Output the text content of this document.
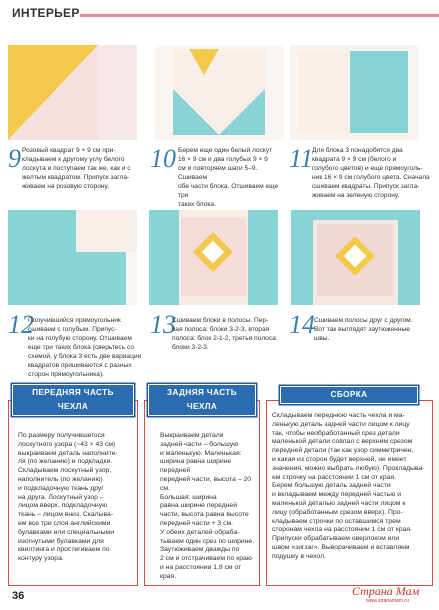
ИНТЕРЬЕР
9 Розовый квадрат 9 × 9 см при-
кладываем к другому углу белого
лоскута и поступаем так же, как и с
желтым квадратом. Припуск загла-
живаем на розовую сторону.
10 Берем еще один белый лоскут
16 × 9 см и два голубых 9 × 9
см и повторяем шаги 5–9. Сшиваем
обе части блока. Отшиваем еще три
таких блока.
11
Для блока 3 понадобятся два
квадрата 9 × 9 см (белого и
голубого цветов) и еще прямоуголь-
ник 16 × 9 см голубого цвета. Сначала
сшиваем квадраты. Припуск загла-
живаем на зеленую сторону.
12
Получившийся прямоугольник
сшиваем с голубым. Припус-
ки на голубую сторону. Отшиваем
еще три таких блока (сверьтесь со
схемой, у блока 3 есть две вариации
квадратов пришиваются с разных
сторон прямоугольника).
13
Сшиваем блоки в полосы. Пер-
вая полоса: блоки 3-2-3, вторая
полоса: блок 2-1-2, третья полоса:
блоки 3-2-3.
14 Сшиваем полосы друг с другом.
Вот так выглядят заутюженные
швы.
ПЕРЕДНЯЯ ЧАСТЬ
ЧЕХЛА
По размеру получившегося
лоскутного узора (~43 × 43 см)
выкраиваем деталь наполните-
ля (по желанию) и подкладки.
Складываем лоскутный узор,
наполнитель (по желанию)
и подкладочную ткань друг
на друга. Лоскутный узор –
лицом вверх, подкладочную
ткань – лицом вниз. Скалыва-
ем все три слоя английскими
булавками или специальными
изогнутыми булавками для
квилтинга и простегиваем по
контуру узора.
ЗАДНЯЯ ЧАСТЬ
ЧЕХЛА
Выкраиваем детали
задней части – большую
и маленькую. Маленькая:
ширина равна ширине передней
передней части, высота – 20 см.
Большая: ширина
равна ширине передней
части, высота равна высоте
передней части + 3 см.
У обеих деталей обраба-
тываем один срез по ширине.
Заутюживаем дважды по
2 см и отстрачиваем по краю
и на расстоянии 1,8 см от
края.
СБОРКА
Складываем переднюю часть чехла и ма-
ленькую деталь задней части лицом к лицу
так, чтобы необработанный срез детали
маленькой детали совпал с верхним срезом
передней детали (так как узор симметричен,
и какая из сторон будет верхней, не имеет
значения, можно выбрать любую). Прокладыва-
ем строчку на расстоянии 1 см от края.
Берем большую деталь задней части
и вкладываем между передней частью и
маленькой деталью задней части лицом к
лицу (обработанным срезом вверх). Про-
кладываем строчки по оставшимся трем
сторонам чехла на расстоянии 1 см от края.
Припуски обрабатываем оверлоком или
швом «зигзаг». Выворачиваем и вставляем
подушку в чехол.
36	Страна Мам
www.stranamam.ru
